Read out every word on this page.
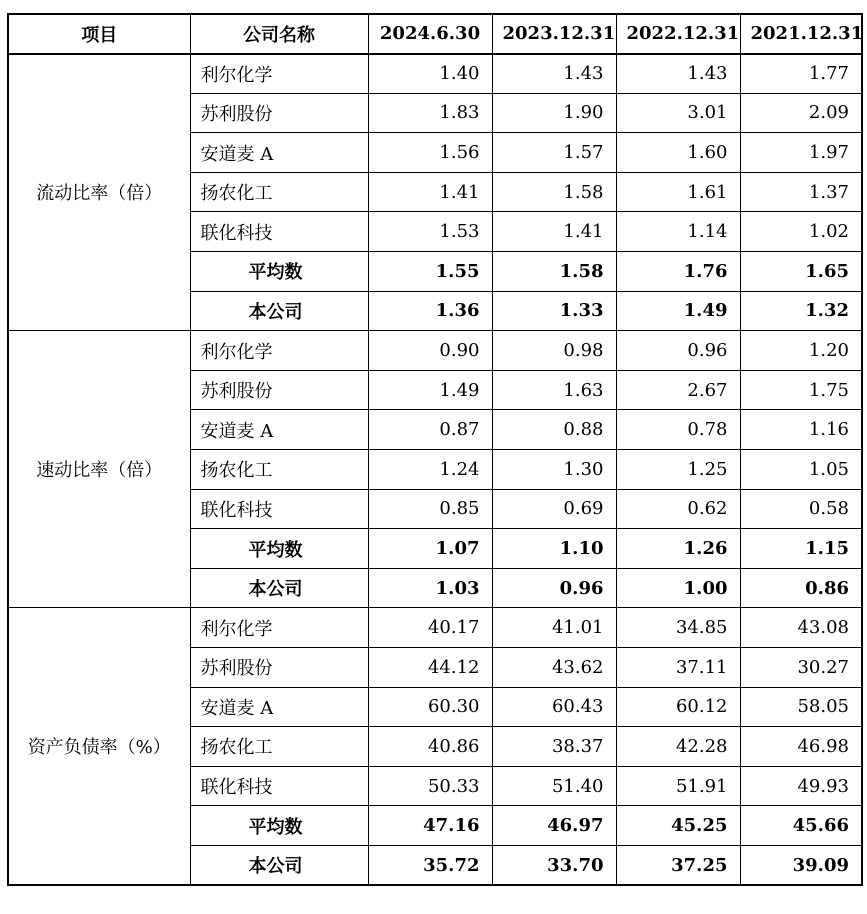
项目	公司名称	2024.6.30	2023.12.31	2022.12.31	2021.12.31
流动比率（倍）	利尔化学	1.40	1.43	1.43	1.77
	苏利股份	1.83	1.90	3.01	2.09
	安道麦 A	1.56	1.57	1.60	1.97
	扬农化工	1.41	1.58	1.61	1.37
	联化科技	1.53	1.41	1.14	1.02
	平均数	1.55	1.58	1.76	1.65
	本公司	1.36	1.33	1.49	1.32
速动比率（倍）	利尔化学	0.90	0.98	0.96	1.20
	苏利股份	1.49	1.63	2.67	1.75
	安道麦 A	0.87	0.88	0.78	1.16
	扬农化工	1.24	1.30	1.25	1.05
	联化科技	0.85	0.69	0.62	0.58
	平均数	1.07	1.10	1.26	1.15
	本公司	1.03	0.96	1.00	0.86
资产负债率（%）	利尔化学	40.17	41.01	34.85	43.08
	苏利股份	44.12	43.62	37.11	30.27
	安道麦 A	60.30	60.43	60.12	58.05
	扬农化工	40.86	38.37	42.28	46.98
	联化科技	50.33	51.40	51.91	49.93
	平均数	47.16	46.97	45.25	45.66
	本公司	35.72	33.70	37.25	39.09
